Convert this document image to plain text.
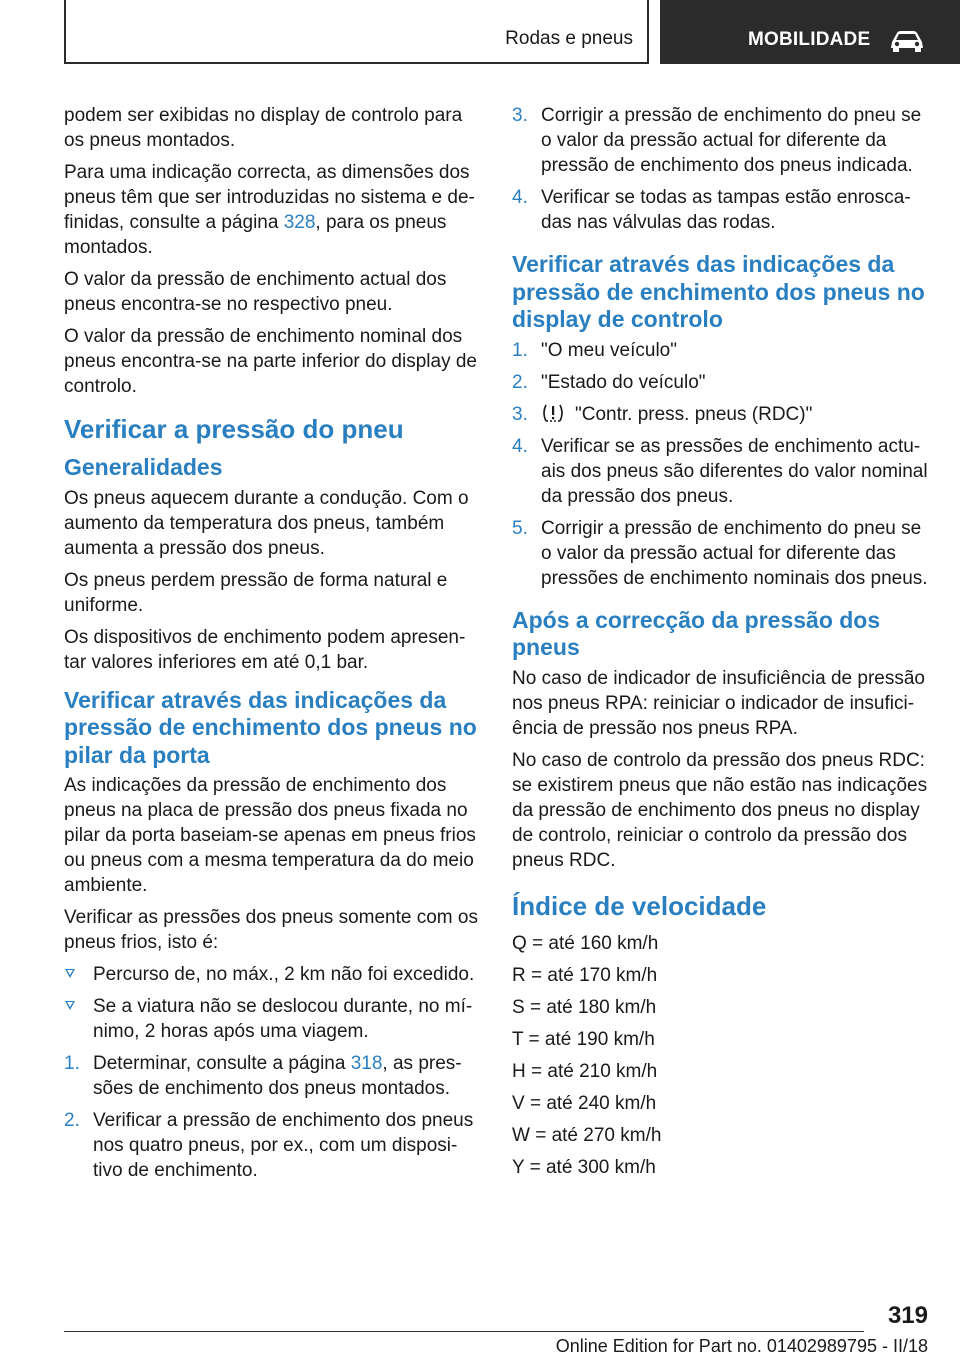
Rodas e pneus	MOBILIDADE

podem ser exibidas no display de controlo para os pneus montados.

Para uma indicação correcta, as dimensões dos pneus têm que ser introduzidas no sistema e definidas, consulte a página 328, para os pneus montados.

O valor da pressão de enchimento actual dos pneus encontra-se no respectivo pneu.

O valor da pressão de enchimento nominal dos pneus encontra-se na parte inferior do display de controlo.

Verificar a pressão do pneu
Generalidades

Os pneus aquecem durante a condução. Com o aumento da temperatura dos pneus, também aumenta a pressão dos pneus.

Os pneus perdem pressão de forma natural e uniforme.

Os dispositivos de enchimento podem apresentar valores inferiores em até 0,1 bar.

Verificar através das indicações da pressão de enchimento dos pneus no pilar da porta

As indicações da pressão de enchimento dos pneus na placa de pressão dos pneus fixada no pilar da porta baseiam-se apenas em pneus frios ou pneus com a mesma temperatura da do meio ambiente.

Verificar as pressões dos pneus somente com os pneus frios, isto é:

Percurso de, no máx., 2 km não foi excedido.
Se a viatura não se deslocou durante, no mínimo, 2 horas após uma viagem.
1. Determinar, consulte a página 318, as pressões de enchimento dos pneus montados.
2. Verificar a pressão de enchimento dos pneus nos quatro pneus, por ex., com um dispositivo de enchimento.
3. Corrigir a pressão de enchimento do pneu se o valor da pressão actual for diferente da pressão de enchimento dos pneus indicada.
4. Verificar se todas as tampas estão enroscadas nas válvulas das rodas.
Verificar através das indicações da pressão de enchimento dos pneus no display de controlo
1. "O meu veículo"
2. "Estado do veículo"
3. "Contr. press. pneus (RDC)"
4. Verificar se as pressões de enchimento actuais dos pneus são diferentes do valor nominal da pressão dos pneus.
5. Corrigir a pressão de enchimento do pneu se o valor da pressão actual for diferente das pressões de enchimento nominais dos pneus.
Após a correcção da pressão dos pneus

No caso de indicador de insuficiência de pressão nos pneus RPA: reiniciar o indicador de insuficiência de pressão nos pneus RPA.

No caso de controlo da pressão dos pneus RDC: se existirem pneus que não estão nas indicações da pressão de enchimento dos pneus no display de controlo, reiniciar o controlo da pressão dos pneus RDC.

Índice de velocidade

Q = até 160 km/h

R = até 170 km/h

S = até 180 km/h

T = até 190 km/h

H = até 210 km/h

V = até 240 km/h

W = até 270 km/h

Y = até 300 km/h

319
Online Edition for Part no. 01402989795 - II/18
